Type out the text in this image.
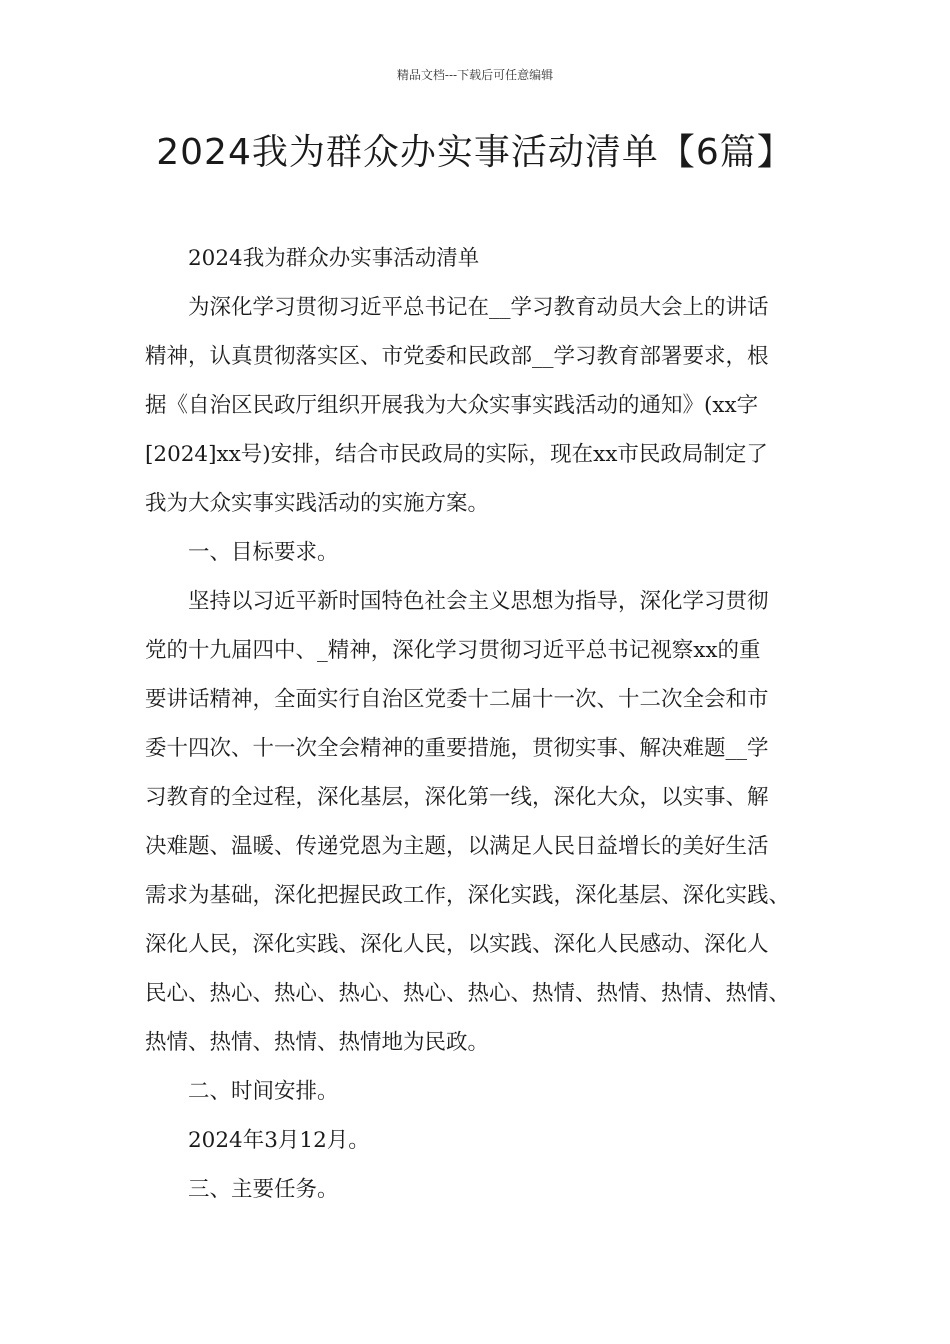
精品文档---下载后可任意编辑
2024我为群众办实事活动清单【6篇】

2024我为群众办实事活动清单

为深化学习贯彻习近平总书记在__学习教育动员大会上的讲话

精神，认真贯彻落实区、市党委和民政部__学习教育部署要求，根

据《自治区民政厅组织开展我为大众实事实践活动的通知》(xx字

[2024]xx号)安排，结合市民政局的实际，现在xx市民政局制定了

我为大众实事实践活动的实施方案。

一、目标要求。

坚持以习近平新时国特色社会主义思想为指导，深化学习贯彻

党的十九届四中、_精神，深化学习贯彻习近平总书记视察xx的重

要讲话精神，全面实行自治区党委十二届十一次、十二次全会和市

委十四次、十一次全会精神的重要措施，贯彻实事、解决难题__学

习教育的全过程，深化基层，深化第一线，深化大众，以实事、解

决难题、温暖、传递党恩为主题，以满足人民日益增长的美好生活

需求为基础，深化把握民政工作，深化实践，深化基层、深化实践、

深化人民，深化实践、深化人民，以实践、深化人民感动、深化人

民心、热心、热心、热心、热心、热心、热情、热情、热情、热情、

热情、热情、热情、热情地为民政。

二、时间安排。

2024年3月12月。

三、主要任务。
